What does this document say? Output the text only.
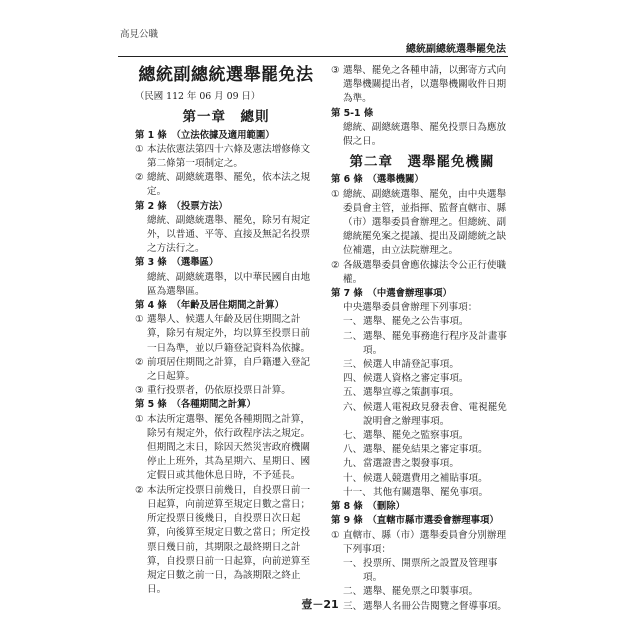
高見公職
總統副總統選舉罷免法
總統副總統選舉罷免法
（民國 112 年 06 月 09 日）
第一章　總則
第 1 條　（立法依據及適用範圍）
① 本法依憲法第四十六條及憲法增修條文第二條第一項制定之。
② 總統、副總統選舉、罷免，依本法之規定。
第 2 條　（投票方法）
總統、副總統選舉、罷免，除另有規定外，以普通、平等、直接及無記名投票之方法行之。
第 3 條　（選舉區）
總統、副總統選舉，以中華民國自由地區為選舉區。
第 4 條　（年齡及居住期間之計算）
① 選舉人、候選人年齡及居住期間之計算，除另有規定外，均以算至投票日前一日為準，並以戶籍登記資料為依據。
② 前項居住期間之計算，自戶籍遷入登記之日起算。
③ 重行投票者，仍依原投票日計算。
第 5 條　（各種期間之計算）
① 本法所定選舉、罷免各種期間之計算，除另有規定外，依行政程序法之規定。但期間之末日，除因天然災害政府機關停止上班外，其為星期六、星期日、國定假日或其他休息日時，不予延長。
② 本法所定投票日前幾日，自投票日前一日起算，向前逆算至規定日數之當日；所定投票日後幾日，自投票日次日起算，向後算至規定日數之當日；所定投票日幾日前，其期限之最終期日之計算，自投票日前一日起算，向前逆算至規定日數之前一日，為該期限之終止日。
③ 選舉、罷免之各種申請，以郵寄方式向選舉機關提出者，以選舉機關收件日期為準。
第 5-1 條
總統、副總統選舉、罷免投票日為應放假之日。
第二章　選舉罷免機關
第 6 條　（選舉機關）
① 總統、副總統選舉、罷免，由中央選舉委員會主管，並指揮、監督直轄市、縣（市）選舉委員會辦理之。但總統、副總統罷免案之提議、提出及副總統之缺位補選，由立法院辦理之。
② 各級選舉委員會應依據法令公正行使職權。
第 7 條　（中選會辦理事項）
中央選舉委員會辦理下列事項：
一、 選舉、罷免之公告事項。
二、 選舉、罷免事務進行程序及計畫事項。
三、 候選人申請登記事項。
四、 候選人資格之審定事項。
五、 選舉宣導之策劃事項。
六、 候選人電視政見發表會、電視罷免說明會之辦理事項。
七、 選舉、罷免之監察事項。
八、 選舉、罷免結果之審定事項。
九、 當選證書之製發事項。
十、 候選人競選費用之補貼事項。
十一、 其他有關選舉、罷免事項。
第 8 條　（刪除）
第 9 條　（直轄市縣市選委會辦理事項）
① 直轄市、縣（市）選舉委員會分別辦理下列事項：
一、 投票所、開票所之設置及管理事項。
二、 選舉、罷免票之印製事項。
三、 選舉人名冊公告閱覽之督導事項。
壹－21
